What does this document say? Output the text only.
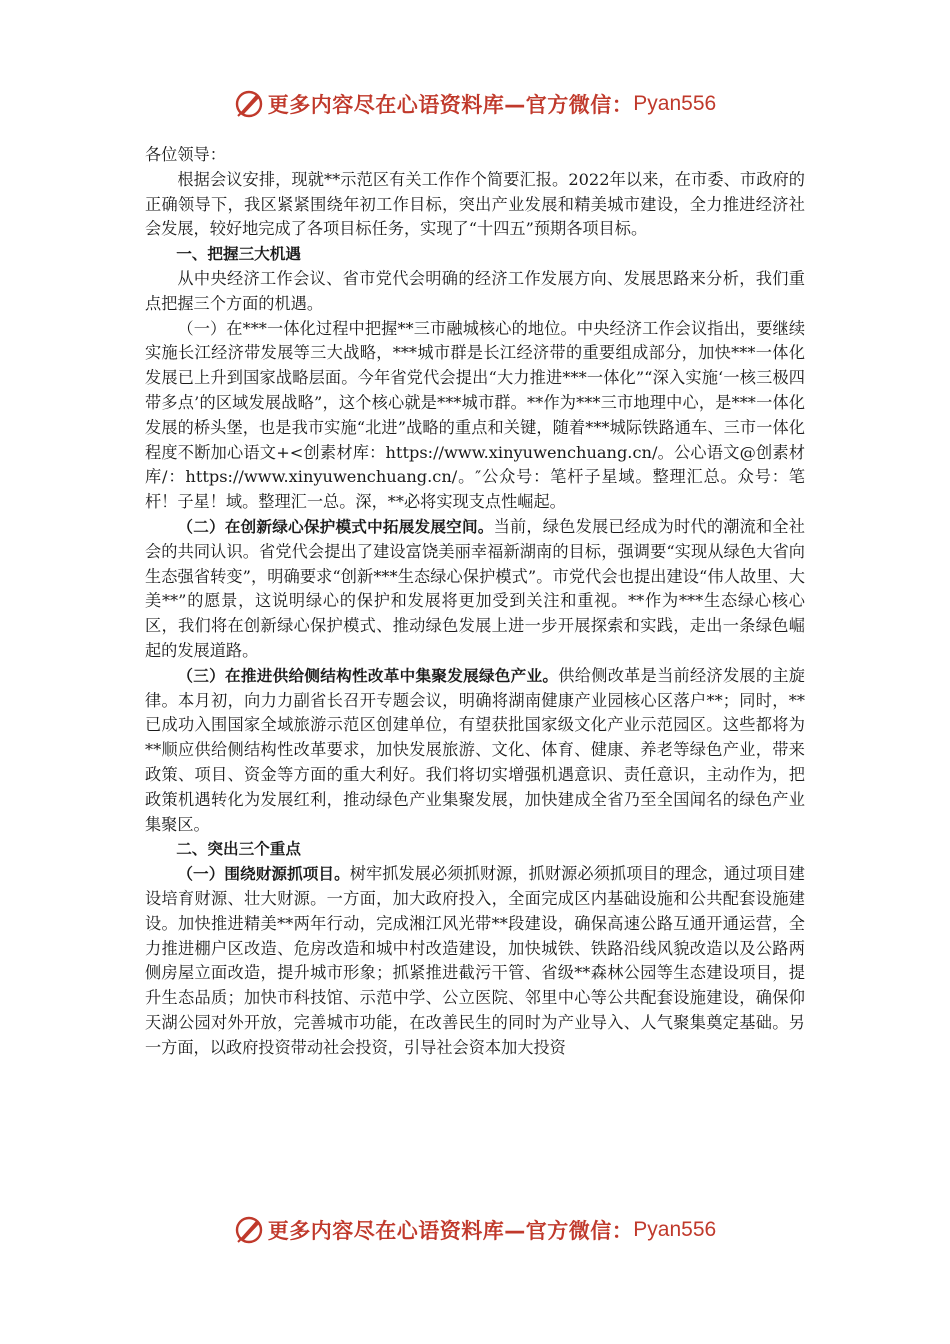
更多内容尽在心语资料库—官方微信： Pyan556

各位领导：

根据会议安排，现就**示范区有关工作作个简要汇报。2022年以来，在市委、市政府的正确领导下，我区紧紧围绕年初工作目标，突出产业发展和精美城市建设，全力推进经济社会发展，较好地完成了各项目标任务，实现了“十四五”预期各项目标。

一、把握三大机遇

从中央经济工作会议、省市党代会明确的经济工作发展方向、发展思路来分析，我们重点把握三个方面的机遇。

（一）在***一体化过程中把握**三市融城核心的地位。中央经济工作会议指出，要继续实施长江经济带发展等三大战略，***城市群是长江经济带的重要组成部分，加快***一体化发展已上升到国家战略层面。今年省党代会提出“大力推进***一体化”“深入实施‘一核三极四带多点’的区域发展战略”，这个核心就是***城市群。**作为***三市地理中心，是***一体化发展的桥头堡，也是我市实施“北进”战略的重点和关键，随着***城际铁路通车、三市一体化程度不断加心语文+<创素材库：https://www.xinyuwenchuang.cn/。公心语文@创素材库/：https://www.xinyuwenchuang.cn/。″公众号：笔杆子星域。整理汇总。众号：笔杆！子星！域。整理汇一总。深，**必将实现支点性崛起。

（二）在创新绿心保护模式中拓展发展空间。当前，绿色发展已经成为时代的潮流和全社会的共同认识。省党代会提出了建设富饶美丽幸福新湖南的目标，强调要“实现从绿色大省向生态强省转变”，明确要求“创新***生态绿心保护模式”。市党代会也提出建设“伟人故里、大美**”的愿景，这说明绿心的保护和发展将更加受到关注和重视。**作为***生态绿心核心区，我们将在创新绿心保护模式、推动绿色发展上进一步开展探索和实践，走出一条绿色崛起的发展道路。

（三）在推进供给侧结构性改革中集聚发展绿色产业。供给侧改革是当前经济发展的主旋律。本月初，向力力副省长召开专题会议，明确将湖南健康产业园核心区落户**；同时，**已成功入围国家全域旅游示范区创建单位，有望获批国家级文化产业示范园区。这些都将为**顺应供给侧结构性改革要求，加快发展旅游、文化、体育、健康、养老等绿色产业，带来政策、项目、资金等方面的重大利好。我们将切实增强机遇意识、责任意识，主动作为，把政策机遇转化为发展红利，推动绿色产业集聚发展，加快建成全省乃至全国闻名的绿色产业集聚区。

二、突出三个重点

（一）围绕财源抓项目。树牢抓发展必须抓财源，抓财源必须抓项目的理念，通过项目建设培育财源、壮大财源。一方面，加大政府投入，全面完成区内基础设施和公共配套设施建设。加快推进精美**两年行动，完成湘江风光带**段建设，确保高速公路互通开通运营，全力推进棚户区改造、危房改造和城中村改造建设，加快城铁、铁路沿线风貌改造以及公路两侧房屋立面改造，提升城市形象；抓紧推进截污干管、省级**森林公园等生态建设项目，提升生态品质；加快市科技馆、示范中学、公立医院、邻里中心等公共配套设施建设，确保仰天湖公园对外开放，完善城市功能，在改善民生的同时为产业导入、人气聚集奠定基础。另一方面，以政府投资带动社会投资，引导社会资本加大投资

更多内容尽在心语资料库—官方微信： Pyan556
